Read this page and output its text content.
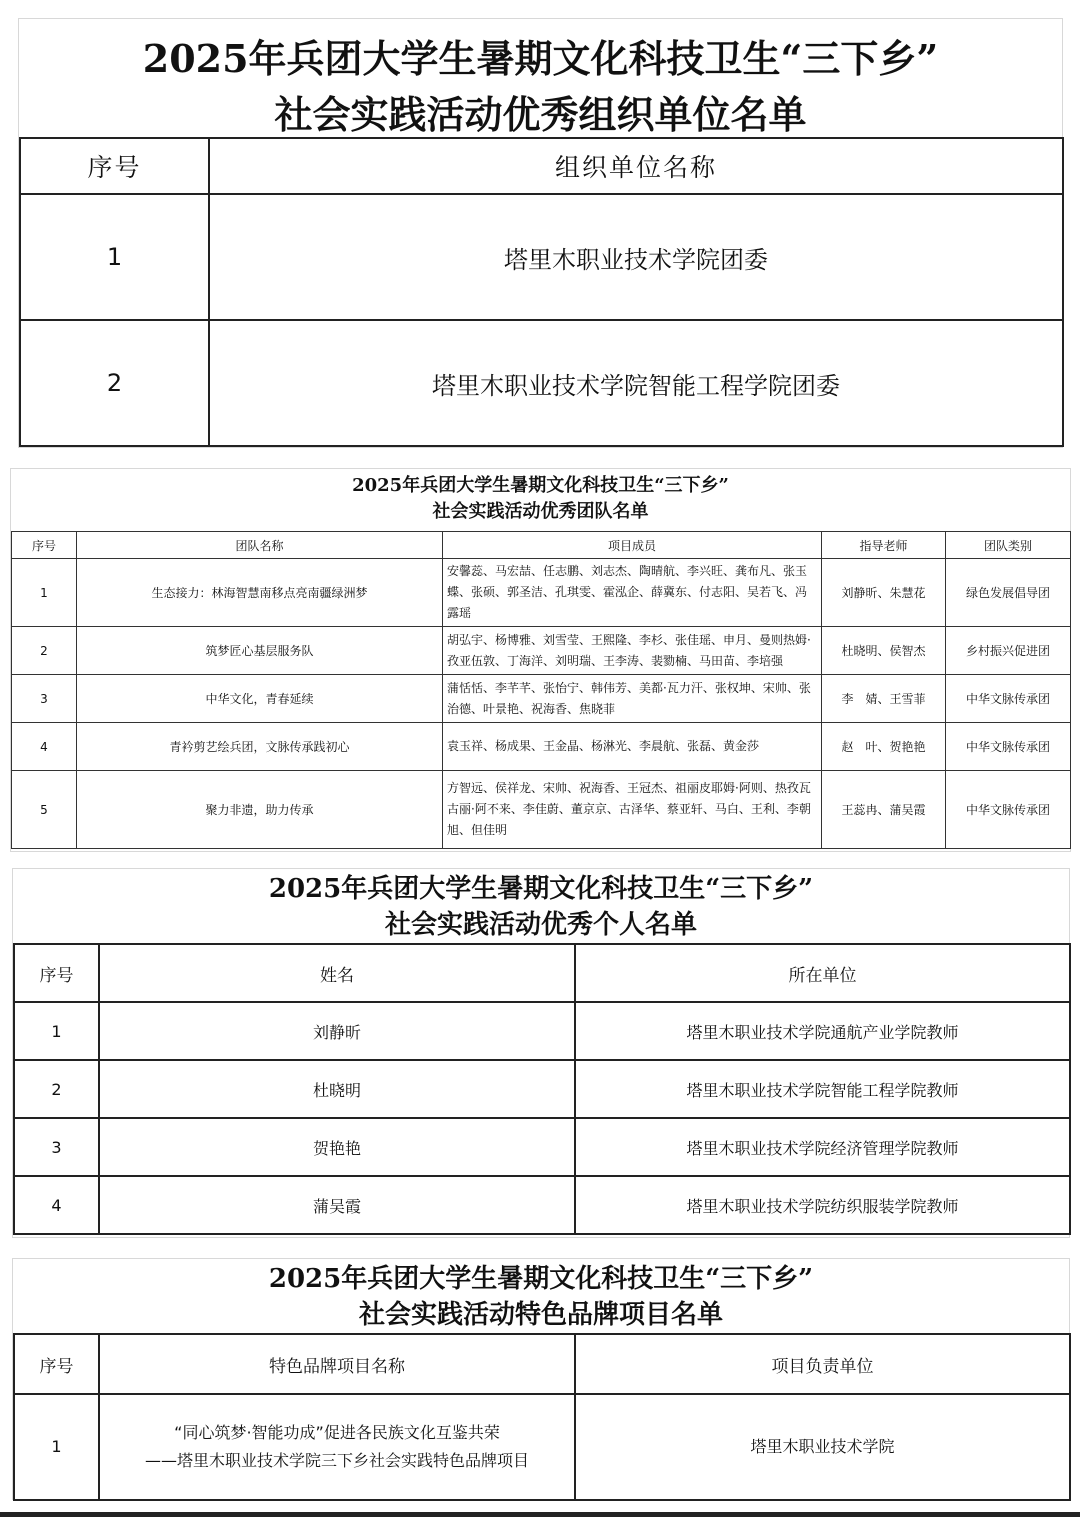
2025年兵团大学生暑期文化科技卫生“三下乡”
社会实践活动优秀组织单位名单
序号	组织单位名称
1	塔里木职业技术学院团委
2	塔里木职业技术学院智能工程学院团委
2025年兵团大学生暑期文化科技卫生“三下乡”
社会实践活动优秀团队名单
序号	团队名称	项目成员	指导老师	团队类别
1	生态接力：林海智慧南移点亮南疆绿洲梦	安馨蕊、马宏喆、任志鹏、刘志杰、陶晴航、李兴旺、龚布凡、张玉蝶、张硕、郭圣洁、孔琪雯、霍泓企、薛冀东、付志阳、吴若飞、冯露瑶	刘静昕、朱慧花	绿色发展倡导团
2	筑梦匠心基层服务队	胡弘宇、杨博雅、刘雪莹、王熙隆、李杉、张佳瑶、申月、曼则热姆·孜亚伍敦、丁海洋、刘明瑞、王李涛、裴勠楠、马田苗、李培强	杜晓明、侯智杰	乡村振兴促进团
3	中华文化，青春延续	蒲恬恬、李芊芊、张怡宁、韩伟芳、美都·瓦力汗、张权坤、宋帅、张治德、叶景艳、祝海香、焦晓菲	李　婧、王雪菲	中华文脉传承团
4	青衿剪艺绘兵团，文脉传承践初心	袁玉祥、杨成果、王金晶、杨淋光、李晨航、张磊、黄金莎	赵　叶、贺艳艳	中华文脉传承团
5	聚力非遗，助力传承	方智远、侯祥龙、宋帅、祝海香、王冠杰、祖丽皮耶姆·阿则、热孜瓦古丽·阿不来、李佳蔚、董京京、古泽华、蔡亚轩、马白、王利、李朝旭、但佳明	王蕊冉、蒲吴霞	中华文脉传承团
2025年兵团大学生暑期文化科技卫生“三下乡”
社会实践活动优秀个人名单
序号	姓名	所在单位
1	刘静昕	塔里木职业技术学院通航产业学院教师
2	杜晓明	塔里木职业技术学院智能工程学院教师
3	贺艳艳	塔里木职业技术学院经济管理学院教师
4	蒲吴霞	塔里木职业技术学院纺织服装学院教师
2025年兵团大学生暑期文化科技卫生“三下乡”
社会实践活动特色品牌项目名单
序号	特色品牌项目名称	项目负责单位
1	“同心筑梦·智能功成”促进各民族文化互鉴共荣
——塔里木职业技术学院三下乡社会实践特色品牌项目	塔里木职业技术学院
